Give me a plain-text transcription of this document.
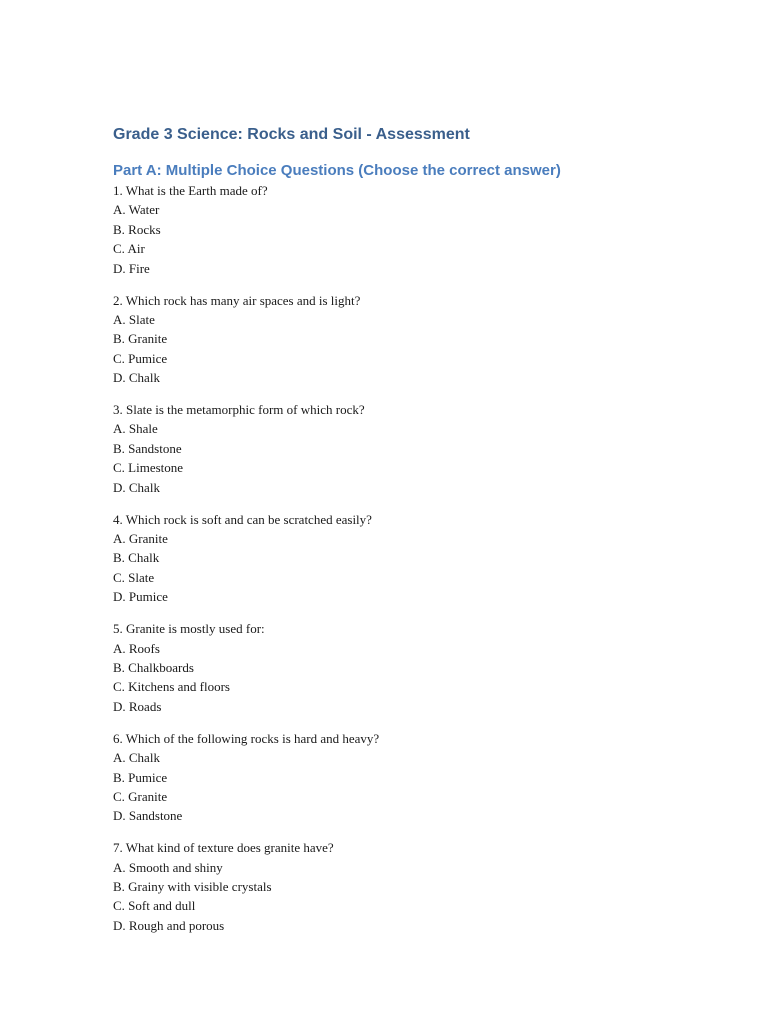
Grade 3 Science: Rocks and Soil - Assessment
Part A: Multiple Choice Questions (Choose the correct answer)
1. What is the Earth made of?
A. Water
B. Rocks
C. Air
D. Fire
2. Which rock has many air spaces and is light?
A. Slate
B. Granite
C. Pumice
D. Chalk
3. Slate is the metamorphic form of which rock?
A. Shale
B. Sandstone
C. Limestone
D. Chalk
4. Which rock is soft and can be scratched easily?
A. Granite
B. Chalk
C. Slate
D. Pumice
5. Granite is mostly used for:
A. Roofs
B. Chalkboards
C. Kitchens and floors
D. Roads
6. Which of the following rocks is hard and heavy?
A. Chalk
B. Pumice
C. Granite
D. Sandstone
7. What kind of texture does granite have?
A. Smooth and shiny
B. Grainy with visible crystals
C. Soft and dull
D. Rough and porous
